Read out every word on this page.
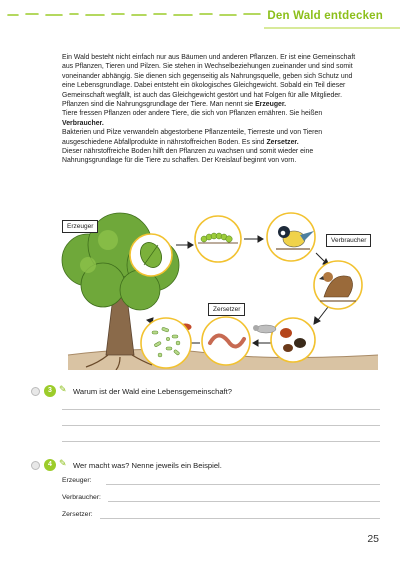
Den Wald entdecken

Ein Wald besteht nicht einfach nur aus Bäumen und anderen Pflanzen. Er ist eine Gemeinschaft aus Pflanzen, Tieren und Pilzen. Sie stehen in Wechselbeziehungen zueinander und sind somit voneinander abhängig. Sie dienen sich gegenseitig als Nahrungsquelle, geben sich Schutz und eine Lebensgrundlage. Dabei entsteht ein ökologisches Gleichgewicht. Sobald ein Teil dieser Gemeinschaft wegfällt, ist auch das Gleichgewicht gestört und hat Folgen für alle Mitglieder.

Pflanzen sind die Nahrungsgrundlage der Tiere. Man nennt sie Erzeuger.

Tiere fressen Pflanzen oder andere Tiere, die sich von Pflanzen ernähren. Sie heißen Verbraucher.

Bakterien und Pilze verwandeln abgestorbene Pflanzenteile, Tierreste und von Tieren ausgeschiedene Abfallprodukte in nährstoffreichen Boden. Es sind Zersetzer.

Dieser nährstoffreiche Boden hilft den Pflanzen zu wachsen und somit wieder eine Nahrungsgrundlage für die Tiere zu schaffen. Der Kreislauf beginnt von vorn.

Erzeuger
Verbraucher
Zersetzer
3 ✎ Warum ist der Wald eine Lebensgemeinschaft?
4 ✎ Wer macht was? Nenne jeweils ein Beispiel.
Erzeuger:
Verbraucher:
Zersetzer:
25
